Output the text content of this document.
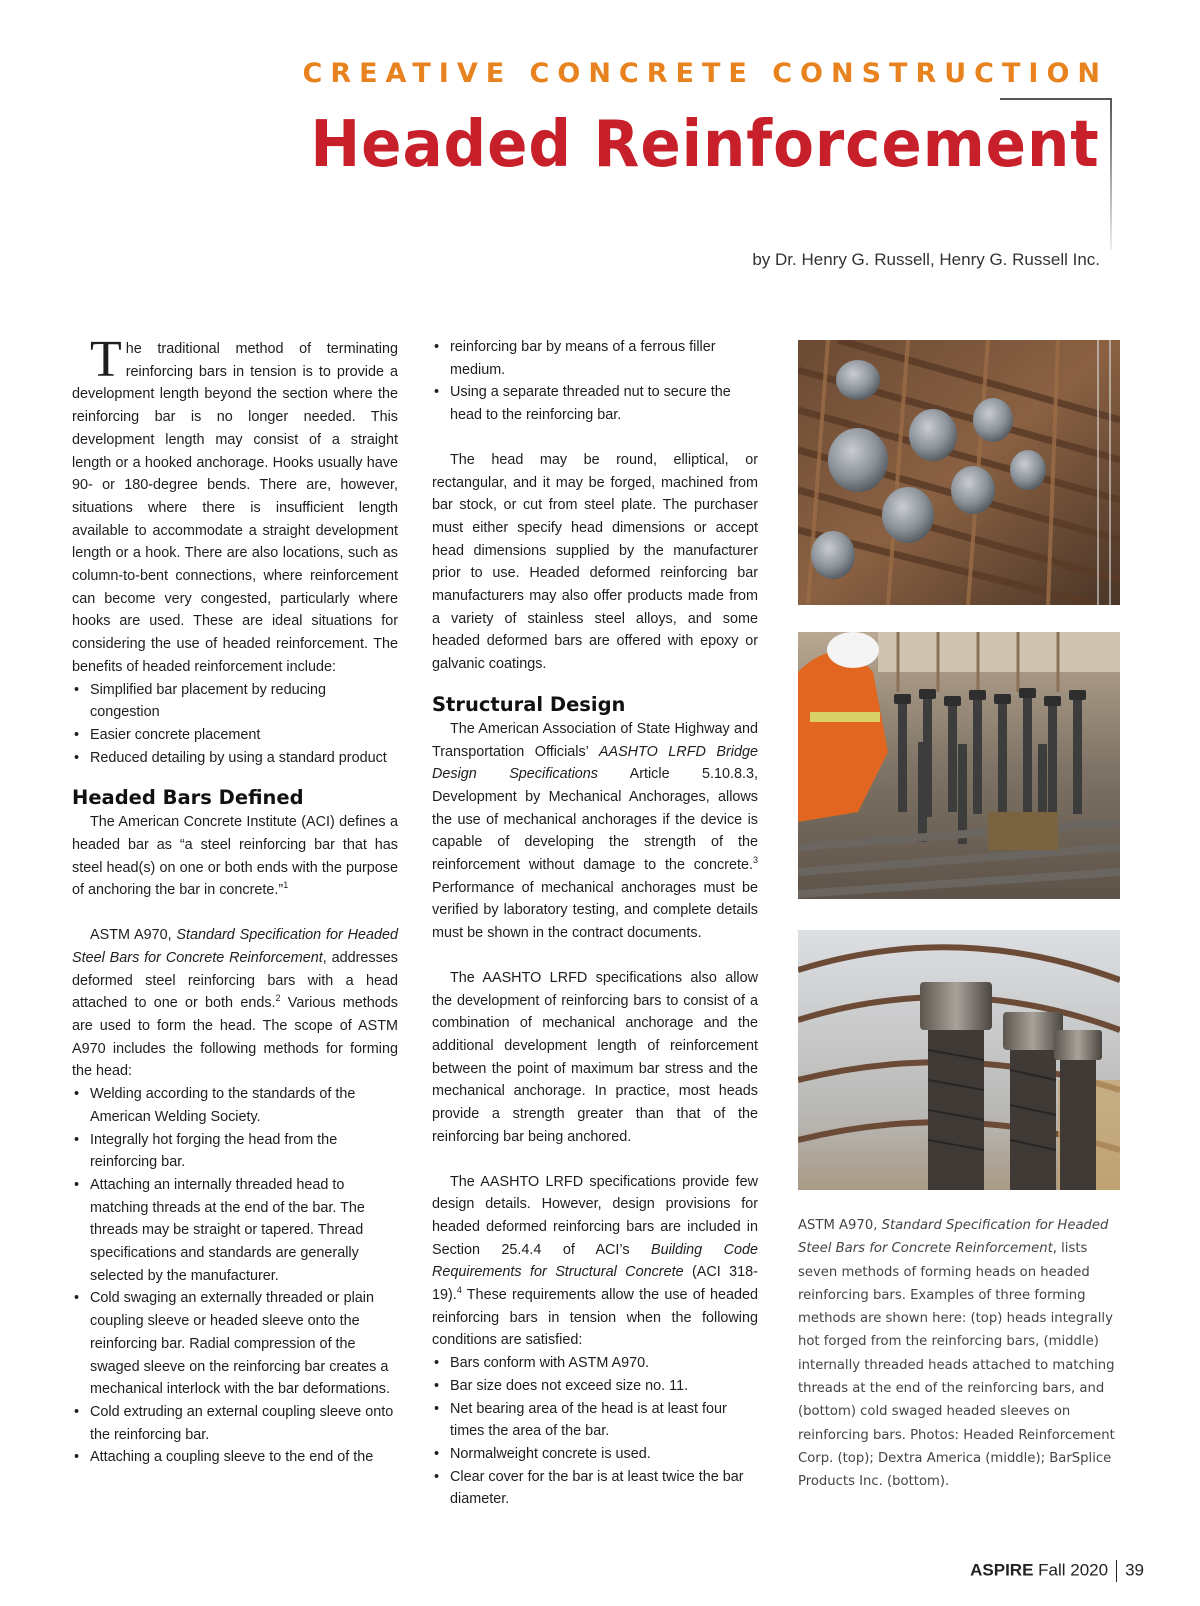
CREATIVE CONCRETE CONSTRUCTION
Headed Reinforcement
by Dr. Henry G. Russell, Henry G. Russell Inc.

The traditional method of terminating reinforcing bars in tension is to provide a development length beyond the section where the reinforcing bar is no longer needed. This development length may consist of a straight length or a hooked anchorage. Hooks usually have 90- or 180-degree bends. There are, however, situations where there is insufficient length available to accommodate a straight development length or a hook. There are also locations, such as column-to-bent connections, where reinforcement can become very congested, particularly where hooks are used. These are ideal situations for considering the use of headed reinforcement. The benefits of headed reinforcement include:

• Simplified bar placement by reducing congestion
• Easier concrete placement
• Reduced detailing by using a standard product
Headed Bars Defined

The American Concrete Institute (ACI) defines a headed bar as “a steel reinforcing bar that has steel head(s) on one or both ends with the purpose of anchoring the bar in concrete.”$^1$

ASTM A970, Standard Specification for Headed Steel Bars for Concrete Reinforcement, addresses deformed steel reinforcing bars with a head attached to one or both ends.$^2$ Various methods are used to form the head. The scope of ASTM A970 includes the following methods for forming the head:

• Welding according to the standards of the American Welding Society.
• Integrally hot forging the head from the reinforcing bar.
• Attaching an internally threaded head to matching threads at the end of the bar. The threads may be straight or tapered. Thread specifications and standards are generally selected by the manufacturer.
• Cold swaging an externally threaded or plain coupling sleeve or headed sleeve onto the reinforcing bar. Radial compression of the swaged sleeve on the reinforcing bar creates a mechanical interlock with the bar deformations.
• Cold extruding an external coupling sleeve onto the reinforcing bar.
• Attaching a coupling sleeve to the end of the
• reinforcing bar by means of a ferrous filler medium.
• Using a separate threaded nut to secure the head to the reinforcing bar.

The head may be round, elliptical, or rectangular, and it may be forged, machined from bar stock, or cut from steel plate. The purchaser must either specify head dimensions or accept head dimensions supplied by the manufacturer prior to use. Headed deformed reinforcing bar manufacturers may also offer products made from a variety of stainless steel alloys, and some headed deformed bars are offered with epoxy or galvanic coatings.

Structural Design

The American Association of State Highway and Transportation Officials’ AASHTO LRFD Bridge Design Specifications Article 5.10.8.3, Development by Mechanical Anchorages, allows the use of mechanical anchorages if the device is capable of developing the strength of the reinforcement without damage to the concrete.$^3$ Performance of mechanical anchorages must be verified by laboratory testing, and complete details must be shown in the contract documents.

The AASHTO LRFD specifications also allow the development of reinforcing bars to consist of a combination of mechanical anchorage and the additional development length of reinforcement between the point of maximum bar stress and the mechanical anchorage. In practice, most heads provide a strength greater than that of the reinforcing bar being anchored.

The AASHTO LRFD specifications provide few design details. However, design provisions for headed deformed reinforcing bars are included in Section 25.4.4 of ACI’s Building Code Requirements for Structural Concrete (ACI 318-19).$^4$ These requirements allow the use of headed reinforcing bars in tension when the following conditions are satisfied:

• Bars conform with ASTM A970.
• Bar size does not exceed size no. 11.
• Net bearing area of the head is at least four times the area of the bar.
• Normalweight concrete is used.
• Clear cover for the bar is at least twice the bar diameter.
ASTM A970, Standard Specification for Headed Steel Bars for Concrete Reinforcement, lists seven methods of forming heads on headed reinforcing bars. Examples of three forming methods are shown here: (top) heads integrally hot forged from the reinforcing bars, (middle) internally threaded heads attached to matching threads at the end of the reinforcing bars, and (bottom) cold swaged headed sleeves on reinforcing bars. Photos: Headed Reinforcement Corp. (top); Dextra America (middle); BarSplice Products Inc. (bottom).
ASPIRE Fall 2020 39
